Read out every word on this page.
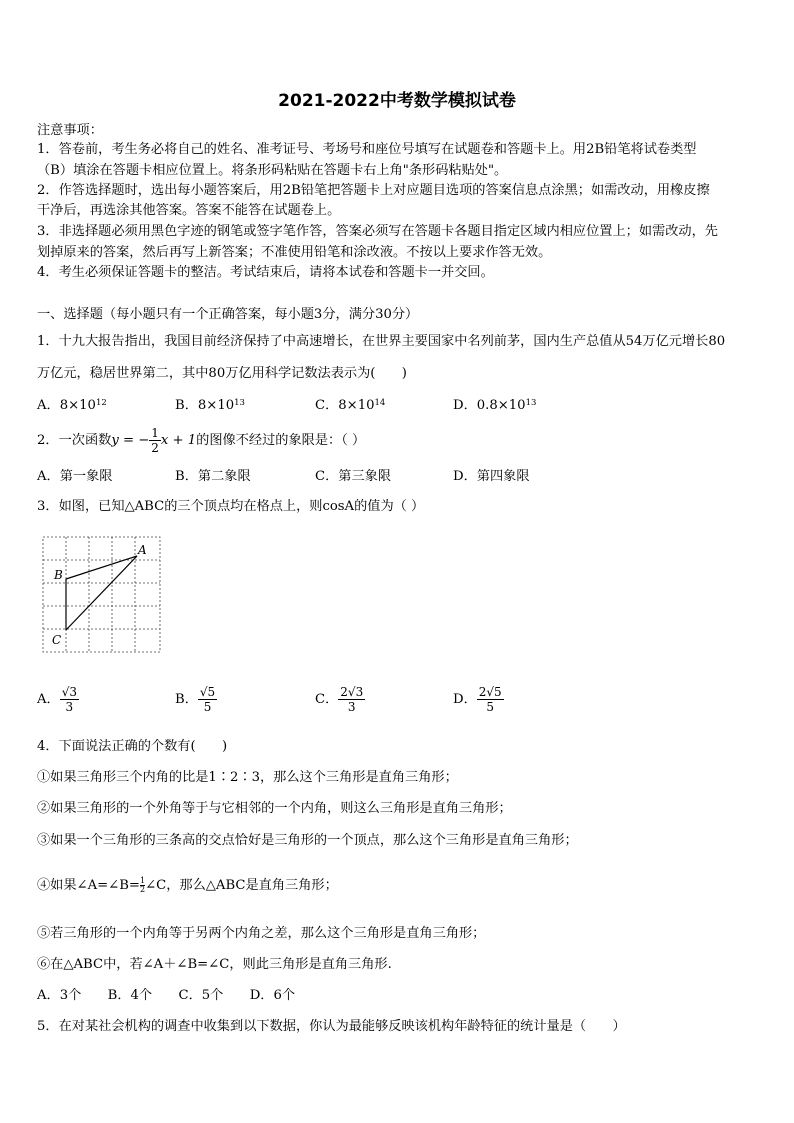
2021-2022中考数学模拟试卷
注意事项：
1．答卷前，考生务必将自己的姓名、准考证号、考场号和座位号填写在试题卷和答题卡上。用2B铅笔将试卷类型
（B）填涂在答题卡相应位置上。将条形码粘贴在答题卡右上角"条形码粘贴处"。
2．作答选择题时，选出每小题答案后，用2B铅笔把答题卡上对应题目选项的答案信息点涂黑；如需改动，用橡皮擦
干净后，再选涂其他答案。答案不能答在试题卷上。
3．非选择题必须用黑色字迹的钢笔或签字笔作答，答案必须写在答题卡各题目指定区域内相应位置上；如需改动，先
划掉原来的答案，然后再写上新答案；不准使用铅笔和涂改液。不按以上要求作答无效。
4．考生必须保证答题卡的整洁。考试结束后，请将本试卷和答题卡一并交回。
一、选择题（每小题只有一个正确答案，每小题3分，满分30分）
1．十九大报告指出，我国目前经济保持了中高速增长，在世界主要国家中名列前茅，国内生产总值从54万亿元增长80
万亿元，稳居世界第二，其中80万亿用科学记数法表示为(　　)
A．$8\times 10^{12}$	B．$8\times 10^{13}$	C．$8\times 10^{14}$	D．$0.8\times 10^{13}$
2．一次函数y = − $\frac{1}{2}$ x + 1的图像不经过的象限是：（ ）
A．第一象限	B．第二象限	C．第三象限	D．第四象限
3．如图，已知△ABC的三个顶点均在格点上，则cosA的值为（ ）
A
B
C
A． $\frac{√3}{3}$	B． $\frac{√5}{5}$	C． $\frac{2√3}{3}$	D． $\frac{2√5}{5}$
4．下面说法正确的个数有(　　)
①如果三角形三个内角的比是1∶2∶3，那么这个三角形是直角三角形；
②如果三角形的一个外角等于与它相邻的一个内角，则这么三角形是直角三角形；
③如果一个三角形的三条高的交点恰好是三角形的一个顶点，那么这个三角形是直角三角形；
④如果∠A=∠B= $\frac{1}{2}$ ∠C，那么△ABC是直角三角形；
⑤若三角形的一个内角等于另两个内角之差，那么这个三角形是直角三角形；
⑥在△ABC中，若∠A＋∠B=∠C，则此三角形是直角三角形.
A．3个　　B．4个　　C．5个　　D．6个
5．在对某社会机构的调查中收集到以下数据，你认为最能够反映该机构年龄特征的统计量是（　　）
